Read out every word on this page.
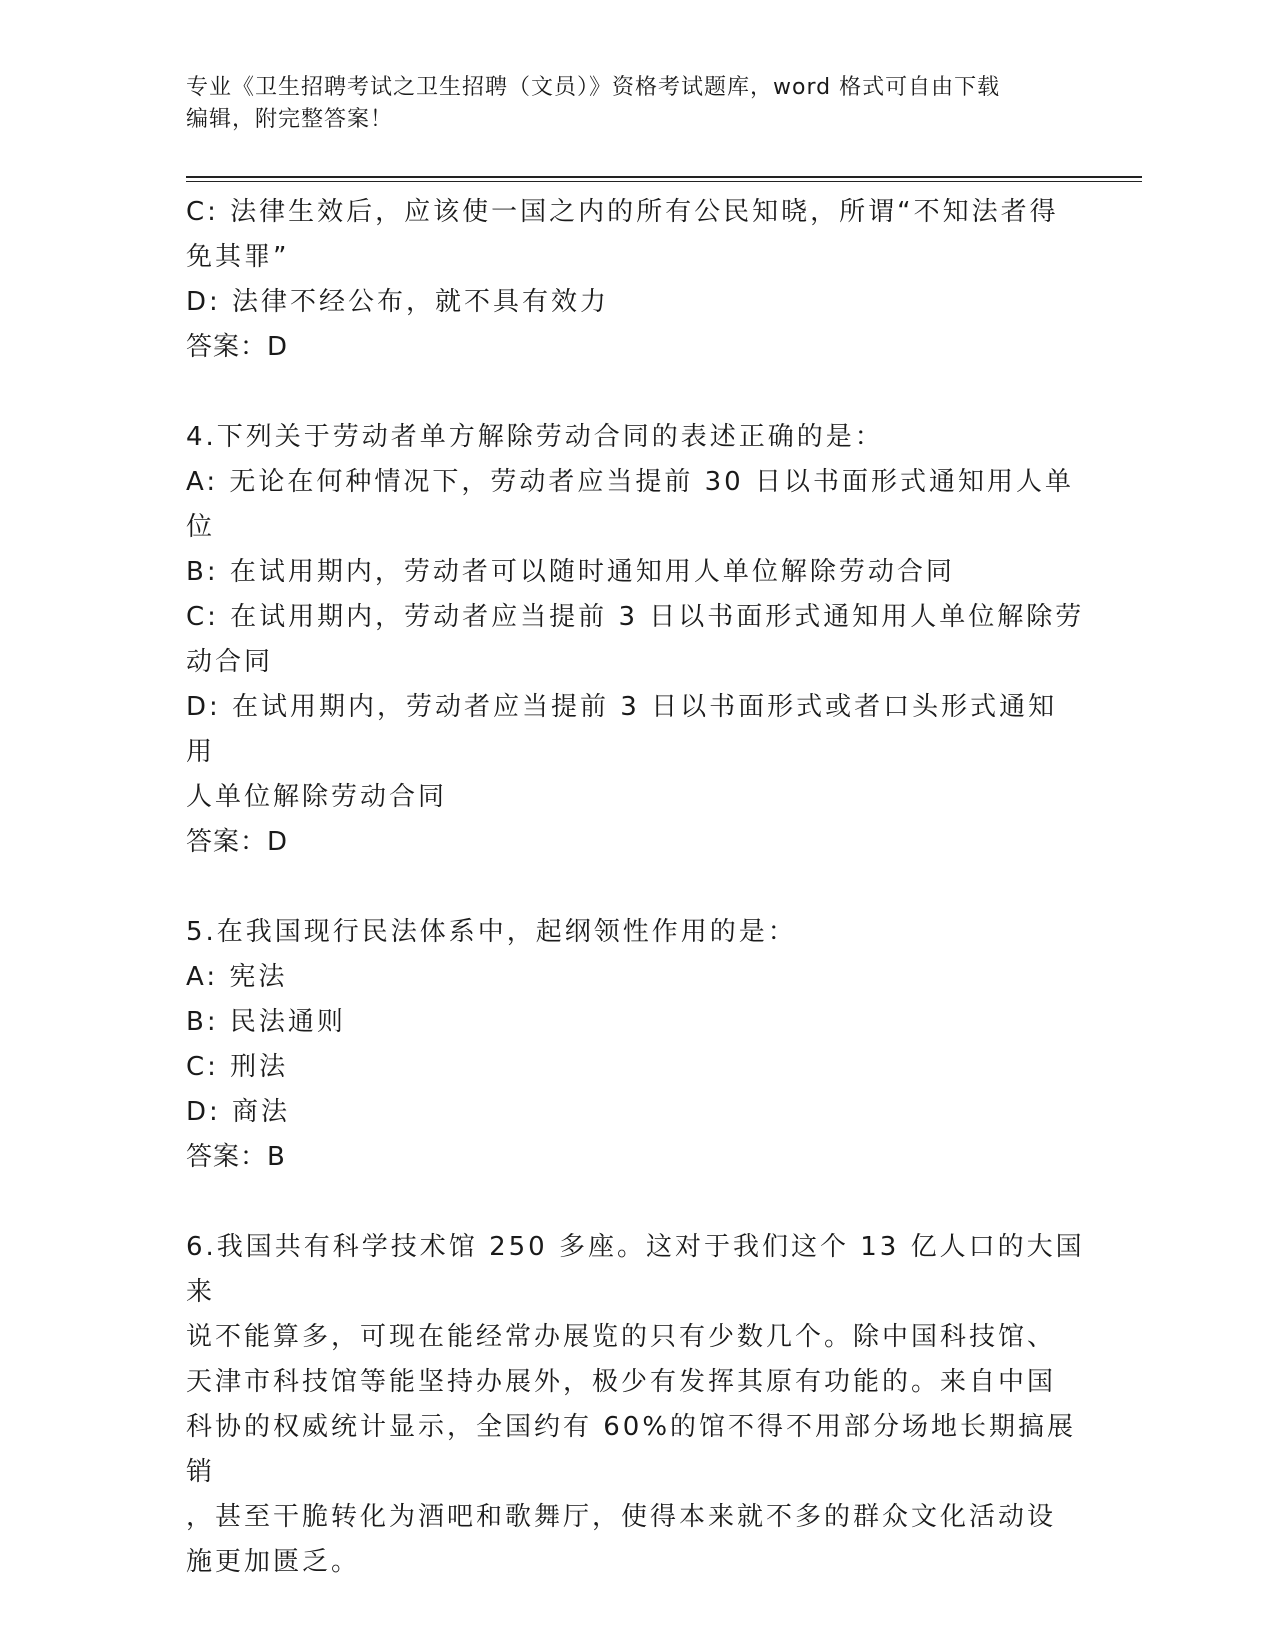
专业《卫生招聘考试之卫生招聘（文员）》资格考试题库，word 格式可自由下载
编辑，附完整答案！
C: 法律生效后，应该使一国之内的所有公民知晓，所谓“不知法者得
免其罪”
D: 法律不经公布，就不具有效力
答案：D
4.下列关于劳动者单方解除劳动合同的表述正确的是：
A: 无论在何种情况下，劳动者应当提前 30 日以书面形式通知用人单
位
B: 在试用期内，劳动者可以随时通知用人单位解除劳动合同
C: 在试用期内，劳动者应当提前 3 日以书面形式通知用人单位解除劳
动合同
D: 在试用期内，劳动者应当提前 3 日以书面形式或者口头形式通知用
人单位解除劳动合同
答案：D
5.在我国现行民法体系中，起纲领性作用的是：
A: 宪法
B: 民法通则
C: 刑法
D: 商法
答案：B
6.我国共有科学技术馆 250 多座。这对于我们这个 13 亿人口的大国来
说不能算多，可现在能经常办展览的只有少数几个。除中国科技馆、
天津市科技馆等能坚持办展外，极少有发挥其原有功能的。来自中国
科协的权威统计显示，全国约有 60%的馆不得不用部分场地长期搞展销
，甚至干脆转化为酒吧和歌舞厅，使得本来就不多的群众文化活动设
施更加匮乏。
